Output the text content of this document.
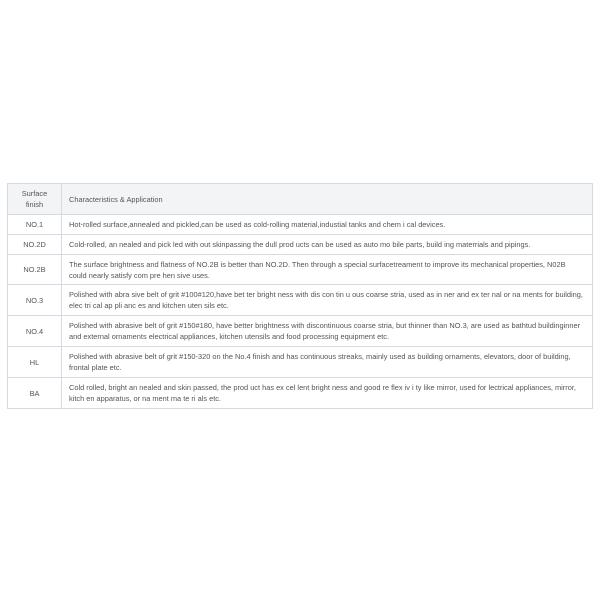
Surface finish	Characteristics & Application
NO.1	Hot-rolled surface,annealed and pickled,can be used as cold-rolling material,industial tanks and chem i cal devices.
NO.2D	Cold-rolled, an nealed and pick led with out skinpassing the dull prod ucts can be used as auto mo bile parts, build ing materrials and pipings.
NO.2B	The surface brightness and flatness of NO.2B is better than NO.2D. Then through a special surfacetreament to improve its mechanical properties, N02B could nearly satisfy com pre hen sive uses.
NO.3	Polished with abra sive belt of grit #100#120,have bet ter bright ness with dis con tin u ous coarse stria, used as in ner and ex ter nal or na ments for building, elec tri cal ap pli anc es and kitchen uten sils etc.
NO.4	Polished with abrasive belt of grit #150#180, have better brightness with discontinuous coarse stria, but thinner than NO.3, are used as bathtud buildinginner and external ornaments electrical appliances, kitchen utensils and food processing equipment etc.
HL	Polished with abrasive belt of grit #150-320 on the No.4 finish and has continuous streaks, mainly used as building ornaments, elevators, door of building, frontal plate etc.
BA	Cold rolled, bright an nealed and skin passed, the prod uct has ex cel lent bright ness and good re flex iv i ty like mirror, used for lectrical appliances, mirror, kitch en apparatus, or na ment ma te ri als etc.
